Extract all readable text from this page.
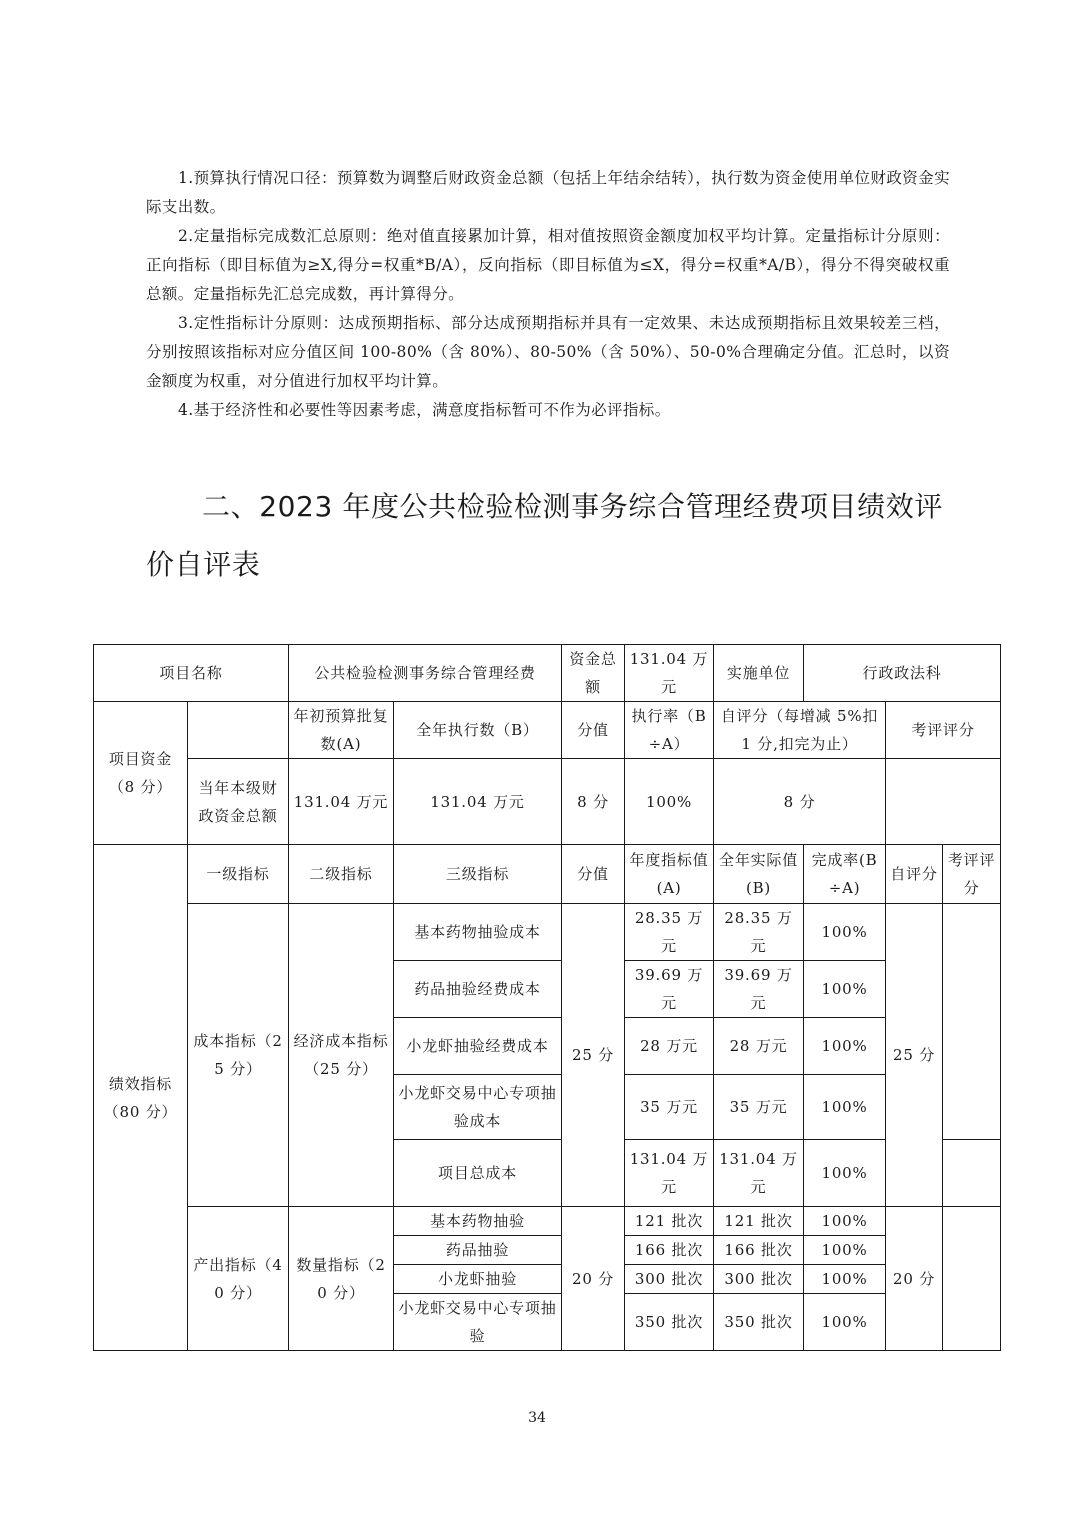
1.预算执行情况口径：预算数为调整后财政资金总额（包括上年结余结转），执行数为资金使用单位财政资金实际支出数。

2.定量指标完成数汇总原则：绝对值直接累加计算，相对值按照资金额度加权平均计算。定量指标计分原则：正向指标（即目标值为≥X,得分=权重*B/A），反向指标（即目标值为≤X，得分=权重*A/B），得分不得突破权重总额。定量指标先汇总完成数，再计算得分。

3.定性指标计分原则：达成预期指标、部分达成预期指标并具有一定效果、未达成预期指标且效果较差三档，分别按照该指标对应分值区间 100-80%（含 80%）、80-50%（含 50%）、50-0%合理确定分值。汇总时，以资金额度为权重，对分值进行加权平均计算。

4.基于经济性和必要性等因素考虑，满意度指标暂可不作为必评指标。

二、2023 年度公共检验检测事务综合管理经费项目绩效评价自评表
项目名称		公共检验检测事务综合管理经费		资金总额	131.04 万元	实施单位	行政政法科		
项目资金（8 分）		年初预算批复数(A)	全年执行数（B）	分值	执行率（B÷A）	自评分（每增减 5%扣 1 分,扣完为止）		考评评分	
	当年本级财政资金总额	131.04 万元	131.04 万元	8 分	100%	8 分			
绩效指标（80 分）	一级指标	二级指标	三级指标	分值	年度指标值(A)	全年实际值(B)	完成率(B÷A)	自评分	考评评分
	成本指标（25 分）	经济成本指标 （25 分）	基本药物抽验成本	25 分	28.35 万元	28.35 万元	100%	25 分	
			药品抽验经费成本		39.69 万元	39.69 万元	100%		
			小龙虾抽验经费成本		28 万元	28 万元	100%		
			小龙虾交易中心专项抽验成本		35 万元	35 万元	100%		
			项目总成本		131.04 万元	131.04 万元	100%		
	产出指标（40 分）	数量指标（20 分）	基本药物抽验	20 分	121 批次	121 批次	100%	20 分	
			药品抽验		166 批次	166 批次	100%		
			小龙虾抽验		300 批次	300 批次	100%		
			小龙虾交易中心专项抽验		350 批次	350 批次	100%		
34
